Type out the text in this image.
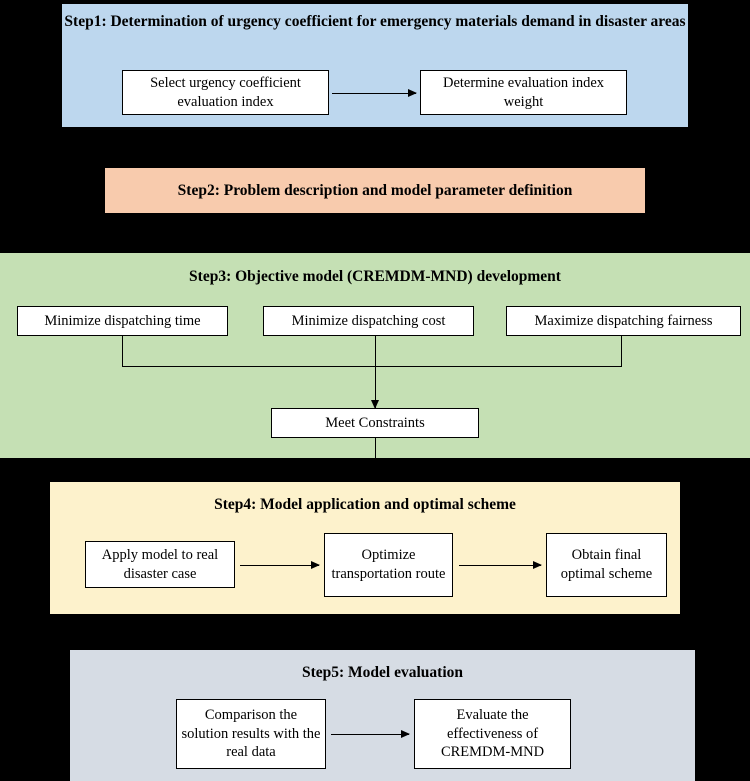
Step1: Determination of urgency coefficient for emergency materials demand in disaster areas
Select urgency coefficient evaluation index
Determine evaluation index weight
Step2: Problem description and model parameter definition
Step3: Objective model (CREMDM-MND) development
Minimize dispatching time	Minimize dispatching cost	Maximize dispatching fairness
Meet Constraints
Step4: Model application and optimal scheme
Apply model to real disaster case
Optimize transportation route
Obtain final optimal scheme
Step5: Model evaluation
Comparison the solution results with the real data
Evaluate the effectiveness of CREMDM-MND
